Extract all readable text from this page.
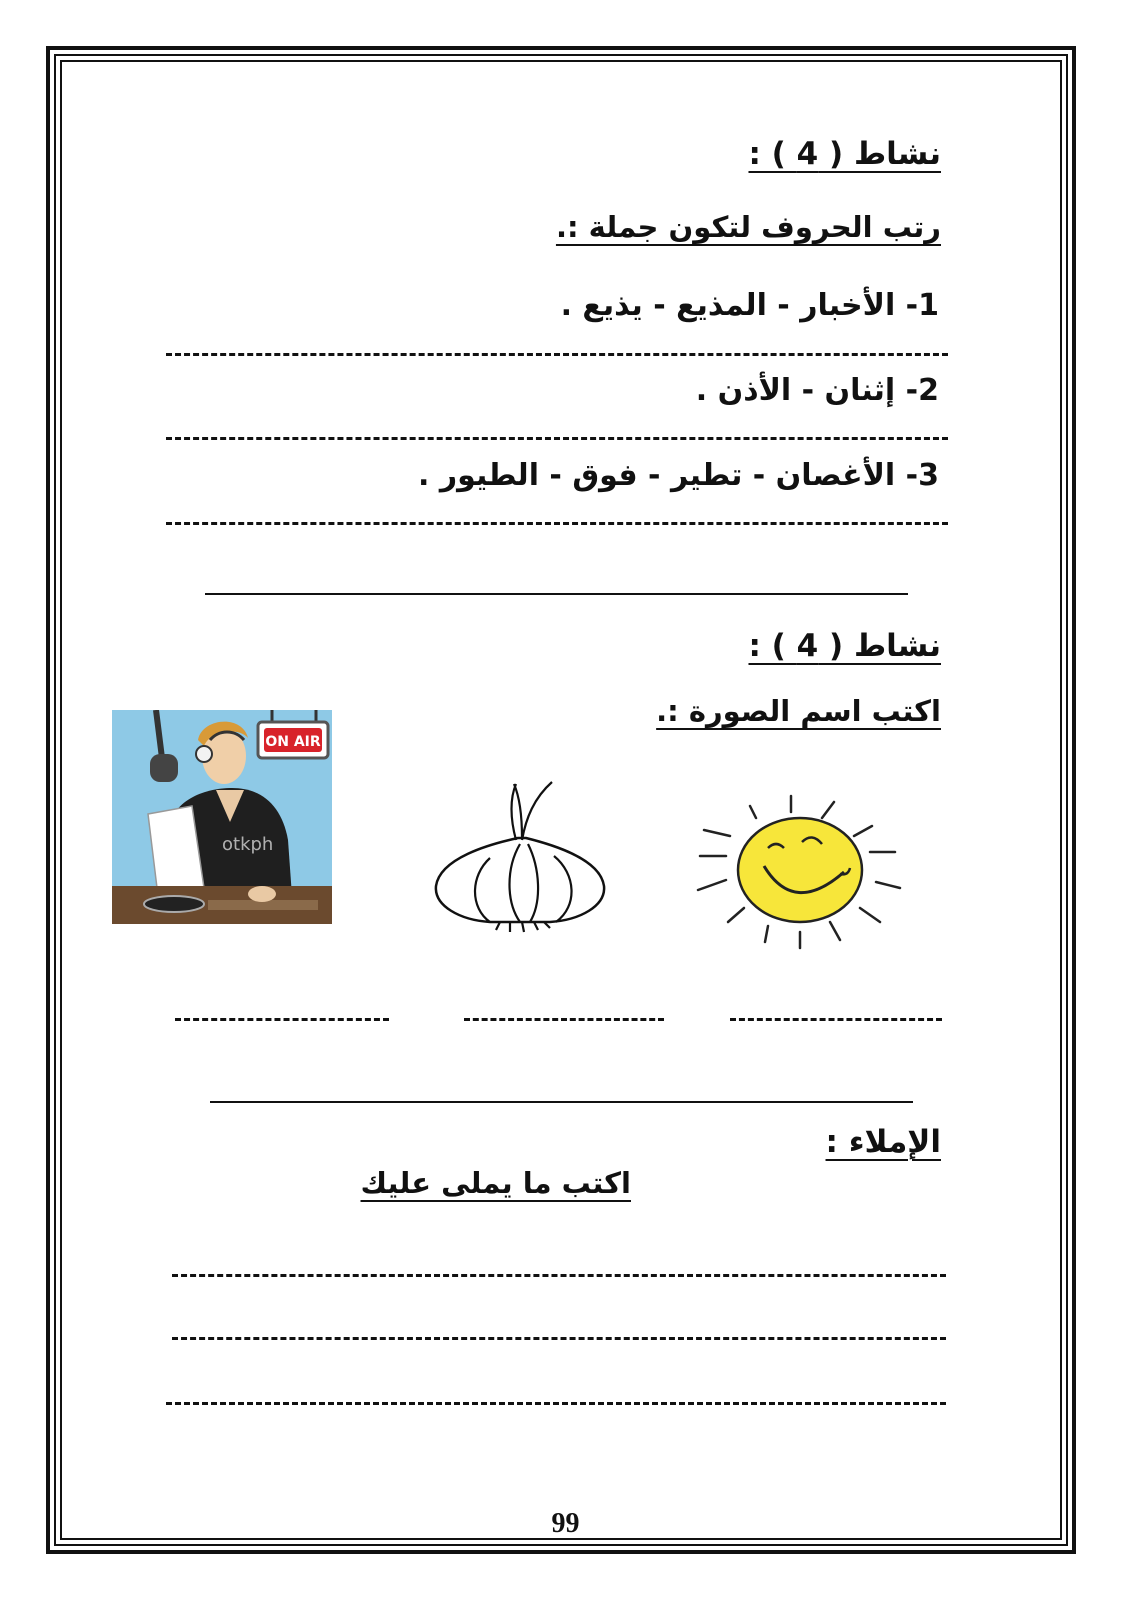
نشاط ( 4 ) :
رتب الحروف لتكون جملة :.
1- الأخبار - المذيع - يذيع .
2- إثنان - الأذن .
3- الأغصان - تطير - فوق - الطيور .
نشاط ( 4 ) :
اكتب اسم الصورة :.
ON AIR
otkph
الإملاء :
اكتب ما يملى عليك
99
